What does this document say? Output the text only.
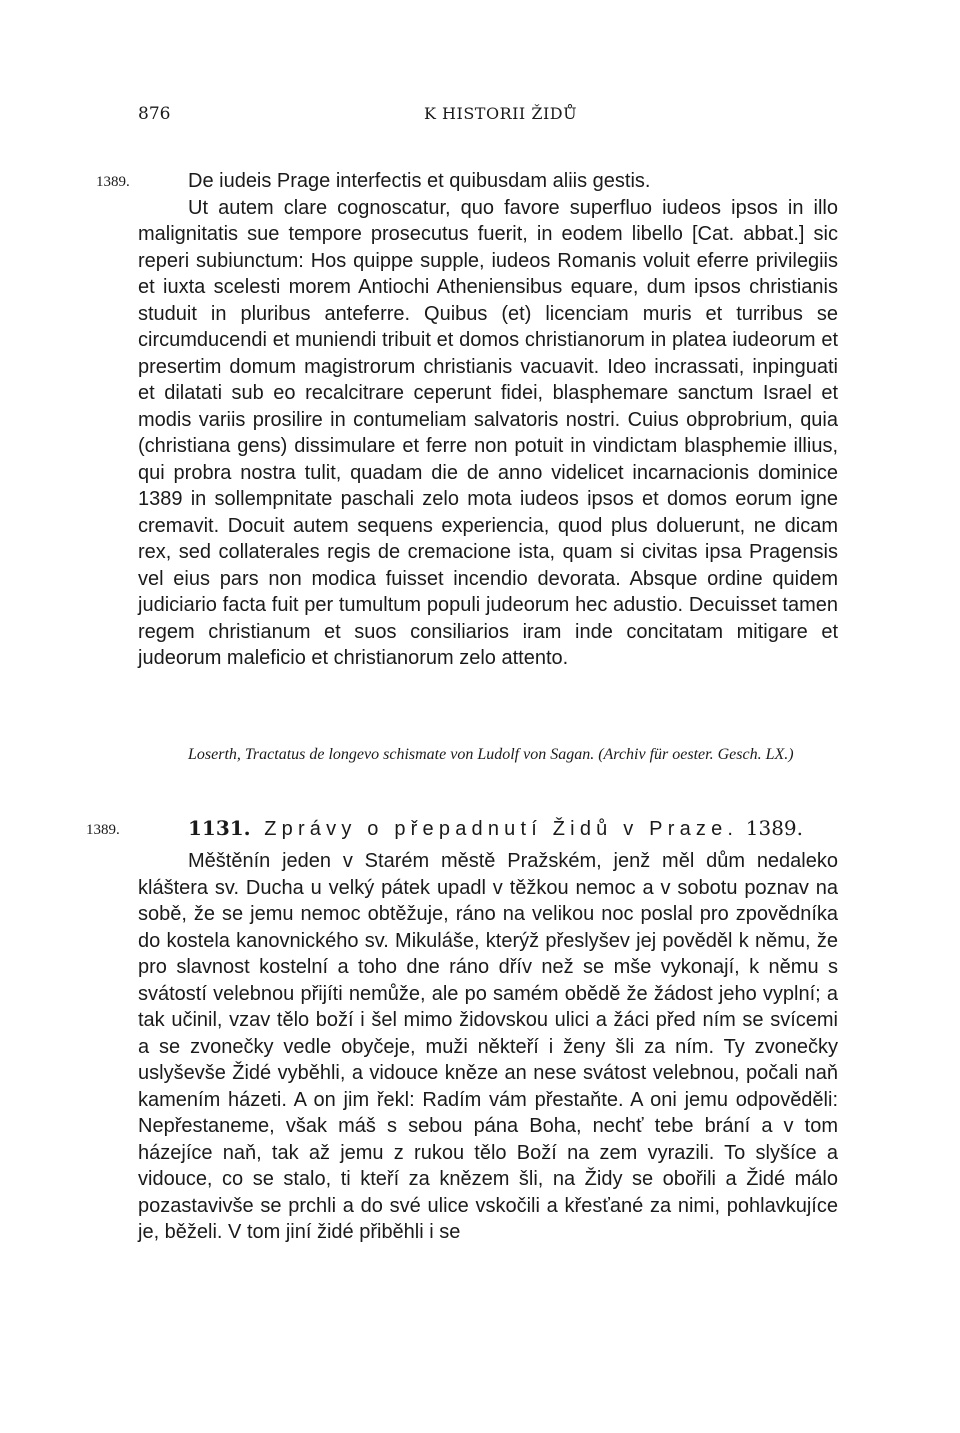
876	K HISTORII ŽIDŮ
1389.	De iudeis Prage interfectis et quibusdam aliis gestis.
Ut autem clare cognoscatur, quo favore superfluo iudeos ipsos in illo malignitatis sue tempore prosecutus fuerit, in eodem libello [Cat. abbat.] sic reperi subiunctum: Hos quippe supple, iudeos Romanis voluit eferre privilegiis et iuxta scelesti morem Antiochi Atheniensibus equare, dum ipsos christianis studuit in pluribus anteferre. Quibus (et) licenciam muris et turribus se circumducendi et muniendi tribuit et domos christianorum in platea iudeorum et presertim domum magistrorum christianis vacuavit. Ideo incrassati, inpinguati et dilatati sub eo recalcitrare ceperunt fidei, blasphemare sanctum Israel et modis variis prosilire in contumeliam salvatoris nostri. Cuius obprobrium, quia (christiana gens) dissimulare et ferre non potuit in vindictam blasphemie illius, qui probra nostra tulit, quadam die de anno videlicet incarnacionis dominice 1389 in sollempnitate paschali zelo mota iudeos ipsos et domos eorum igne cremavit. Docuit autem sequens experiencia, quod plus doluerunt, ne dicam rex, sed collaterales regis de cremacione ista, quam si civitas ipsa Pragensis vel eius pars non modica fuisset incendio devorata. Absque ordine quidem judiciario facta fuit per tumultum populi judeorum hec adustio. Decuisset tamen regem christianum et suos consiliarios iram inde concitatam mitigare et judeorum maleficio et christianorum zelo attento.

Loserth, Tractatus de longevo schismate von Ludolf von Sagan. (Archiv für oester. Gesch. LX.)

1389.	1131. Zprávy o přepadnutí Židů v Praze. 1389.

Měštěnín jeden v Starém městě Pražském, jenž měl dům nedaleko kláštera sv. Ducha u velký pátek upadl v těžkou nemoc a v sobotu poznav na sobě, že se jemu nemoc obtěžuje, ráno na velikou noc poslal pro zpovědníka do kostela kanovnického sv. Mikuláše, kterýž přeslyšev jej pověděl k němu, že pro slavnost kostelní a toho dne ráno dřív než se mše vykonají, k němu s svátostí velebnou přijíti nemůže, ale po samém obědě že žádost jeho vyplní; a tak učinil, vzav tělo boží i šel mimo židovskou ulici a žáci před ním se svícemi a se zvonečky vedle obyčeje, muži někteří i ženy šli za ním. Ty zvonečky uslyševše Židé vyběhli, a vidouce kněze an nese svátost velebnou, počali naň kamením házeti. A on jim řekl: Radím vám přestaňte. A oni jemu odpověděli: Nepřestaneme, však máš s sebou pána Boha, nechť tebe brání a v tom házejíce naň, tak až jemu z rukou tělo Boží na zem vyrazili. To slyšíce a vidouce, co se stalo, ti kteří za knězem šli, na Židy se obořili a Židé málo pozastavivše se prchli a do své ulice vskočili a křesťané za nimi, pohlavkujíce je, běželi. V tom jiní židé přiběhli i se
